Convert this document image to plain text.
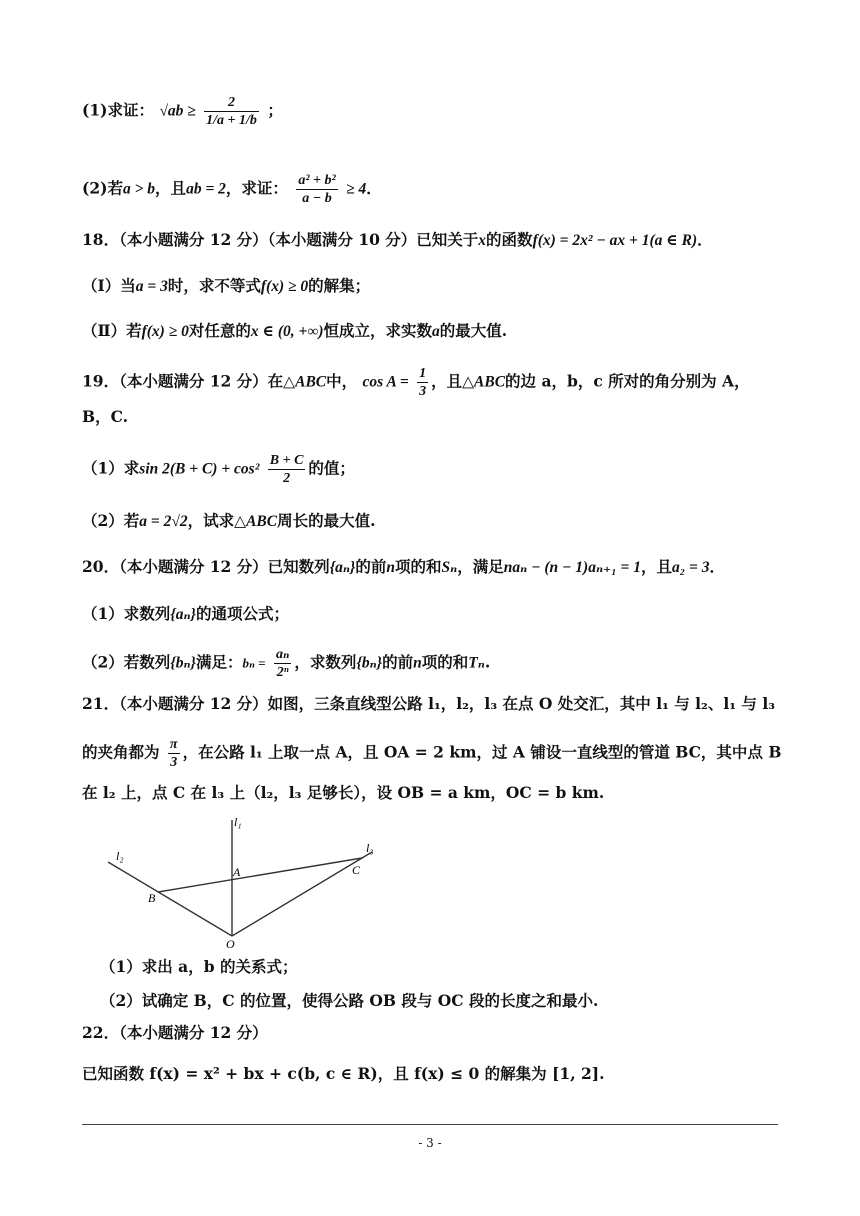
(1)求证： $√ab \ge \frac{2}{1/a + 1/b}$ ；
(2)若a > b，且ab = 2，求证： $\frac{\text{a² + b²}}{a - b} \ge 4$．
18．（本小题满分 12 分）（本小题满分 10 分）已知关于x的函数f(x) = 2x² − ax + 1(a ∈ R)．
（Ⅰ）当a = 3时，求不等式f(x) ≥ 0的解集；
（Ⅱ）若f(x) ≥ 0对任意的x ∈ (0, +∞)恒成立，求实数a的最大值.
19．（本小题满分 12 分）在△ABC中， $\cos A = \frac{1}{3}$ ，且△ABC的边 a，b，c 所对的角分别为 A，
B，C.
（1）求$\sin 2(B + C) + \cos^2 \frac{B + C}{2}$ 的值；
（2）若a = 2√2，试求△ABC周长的最大值.
20．（本小题满分 12 分）已知数列{aₙ}的前n项的和Sₙ，满足naₙ − (n − 1)aₙ₊₁ = 1，且a₂ = 3．
（1）求数列{aₙ}的通项公式；
（2）若数列{bₙ}满足：$b_n = \frac{\text{aₙ}}{\text{2ⁿ}}$ ，求数列{bₙ}的前n项的和Tₙ.
21．（本小题满分 12 分）如图，三条直线型公路 l₁，l₂，l₃ 在点 O 处交汇，其中 l₁ 与 l₂、l₁ 与 l₃
的夹角都为 $\frac{\pi}{3}$ ，在公路 l₁ 上取一点 A，且 OA = 2 km，过 A 铺设一直线型的管道 BC，其中点 B
在 l₂ 上，点 C 在 l₃ 上（l₂，l₃ 足够长），设 OB = a km，OC = b km.
l₁
l₂
l₃
A
B
C
O
（1）求出 a，b 的关系式；
（2）试确定 B，C 的位置，使得公路 OB 段与 OC 段的长度之和最小.
22．（本小题满分 12 分）
已知函数 f(x) = x² + bx + c(b, c ∈ R)，且 f(x) ≤ 0 的解集为 [1, 2].
- 3 -
